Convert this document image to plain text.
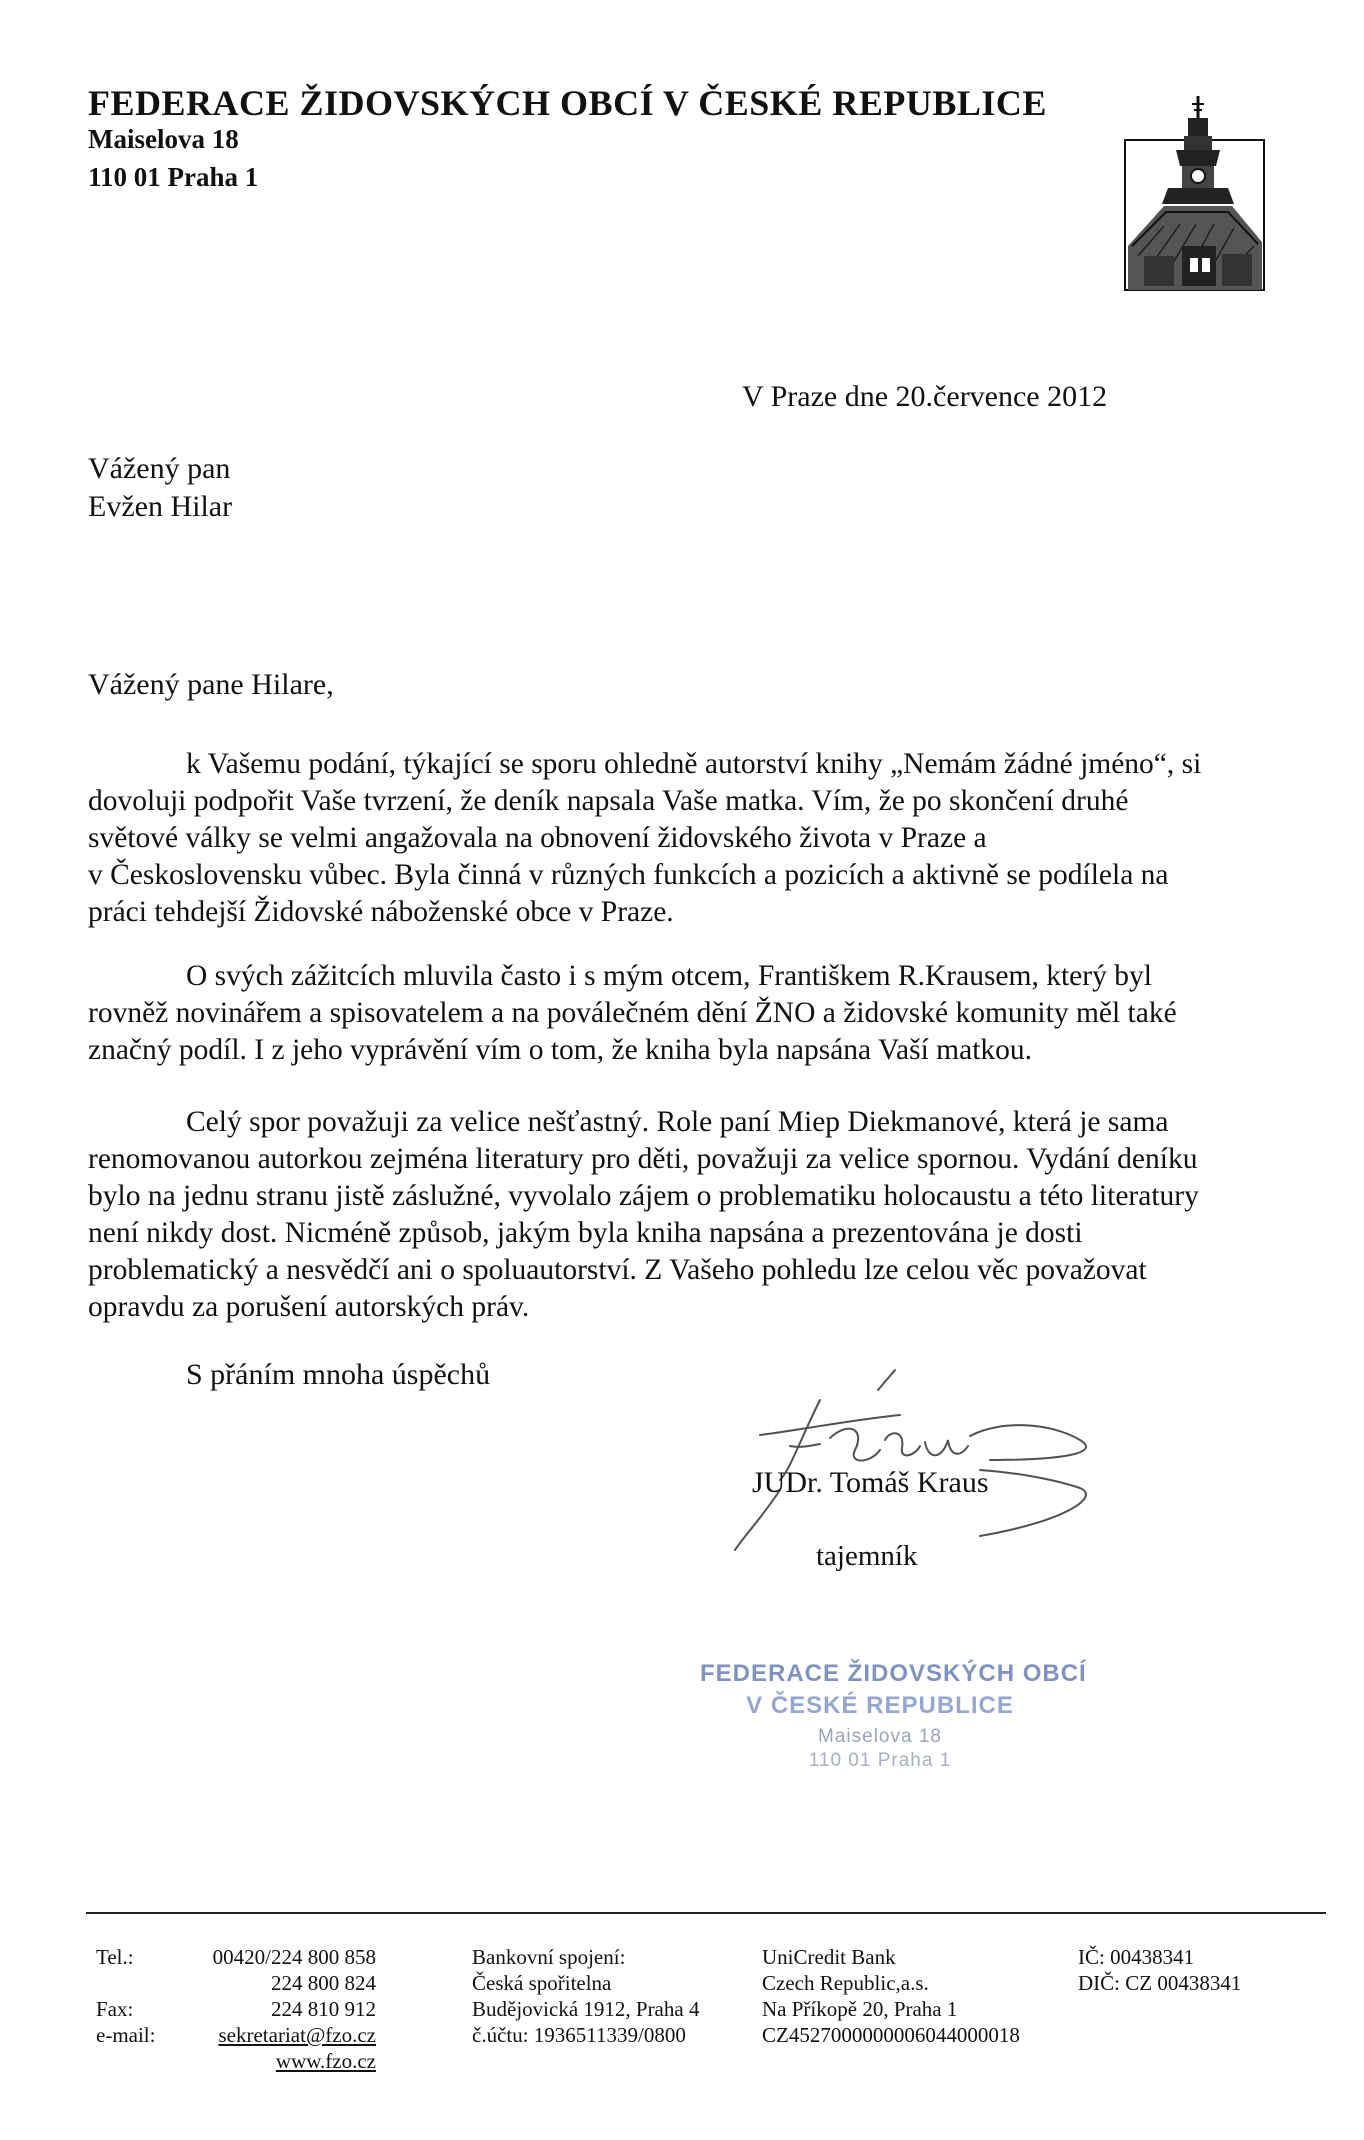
FEDERACE ŽIDOVSKÝCH OBCÍ V ČESKÉ REPUBLICE
Maiselova 18
110 01 Praha 1
V Praze dne 20.července 2012
Vážený pan
Evžen Hilar
Vážený pane Hilare,
k Vašemu podání, týkající se sporu ohledně autorství knihy „Nemám žádné jméno“, si
dovoluji podpořit Vaše tvrzení, že deník napsala Vaše matka. Vím, že po skončení druhé
světové války se velmi angažovala na obnovení židovského života v Praze a
v Československu vůbec. Byla činná v různých funkcích a pozicích a aktivně se podílela na
práci tehdejší Židovské náboženské obce v Praze.
O svých zážitcích mluvila často i s mým otcem, Františkem R.Krausem, který byl
rovněž novinářem a spisovatelem a na poválečném dění ŽNO a židovské komunity měl také
značný podíl. I z jeho vyprávění vím o tom, že kniha byla napsána Vaší matkou.
Celý spor považuji za velice nešťastný. Role paní Miep Diekmanové, která je sama
renomovanou autorkou zejména literatury pro děti, považuji za velice spornou. Vydání deníku
bylo na jednu stranu jistě záslužné, vyvolalo zájem o problematiku holocaustu a této literatury
není nikdy dost. Nicméně způsob, jakým byla kniha napsána a prezentována je dosti
problematický a nesvědčí ani o spoluautorství. Z Vašeho pohledu lze celou věc považovat
opravdu za porušení autorských práv.
S přáním mnoha úspěchů
JUDr. Tomáš Kraus
tajemník
FEDERACE ŽIDOVSKÝCH OBCÍ
V ČESKÉ REPUBLICE
Maiselova 18
110 01 Praha 1
Tel.:
Fax:
e-mail:
00420/224 800 858
224 800 824
224 810 912
sekretariat@fzo.cz
www.fzo.cz
Bankovní spojení:
Česká spořitelna
Budějovická 1912, Praha 4
č.účtu: 1936511339/0800
UniCredit Bank
Czech Republic,a.s.
Na Příkopě 20, Praha 1
CZ4527000000006044000018
IČ: 00438341
DIČ: CZ 00438341
